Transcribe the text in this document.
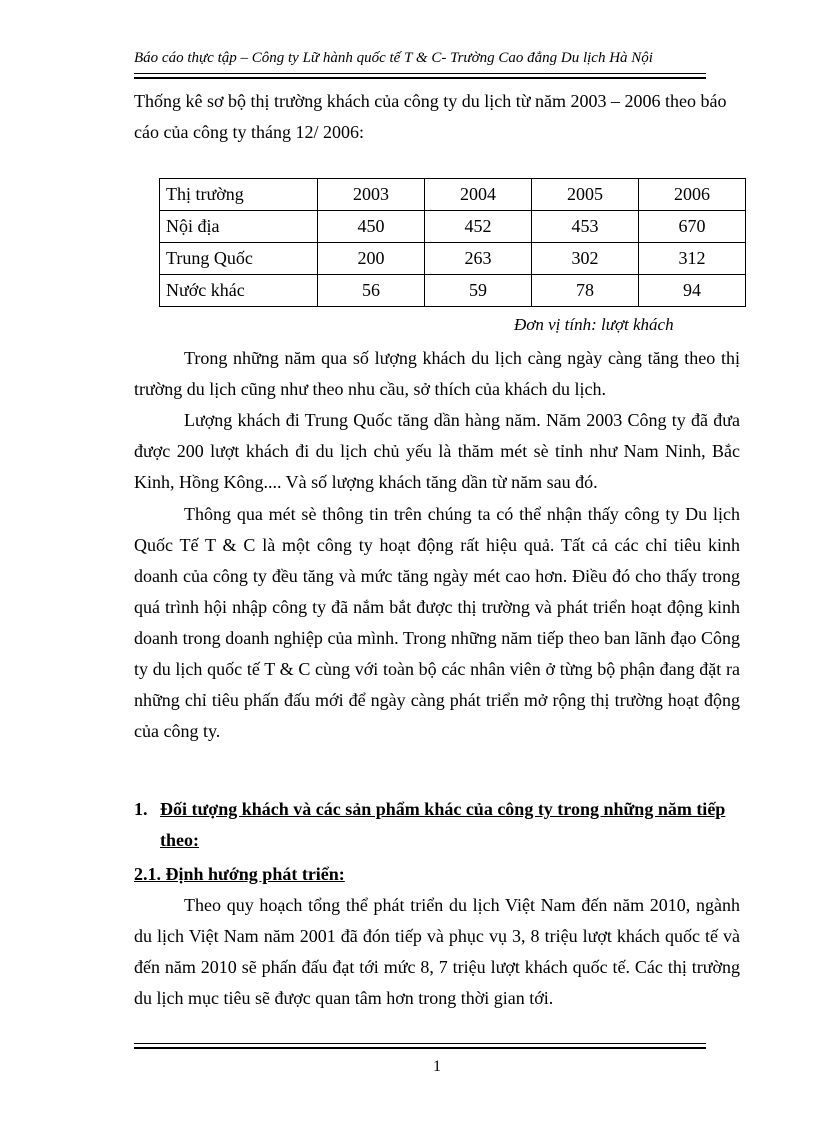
Báo cáo thực tập – Công ty Lữ hành quốc tế T & C- Trường Cao đẳng Du lịch Hà Nội

Thống kê sơ bộ thị trường khách của công ty du lịch từ năm 2003 – 2006 theo báo cáo của công ty tháng 12/ 2006:

Thị trường	2003	2004	2005	2006
Nội địa	450	452	453	670
Trung Quốc	200	263	302	312
Nước khác	56	59	78	94
Đơn vị tính: lượt khách

Trong những năm qua số lượng khách du lịch càng ngày càng tăng theo thị trường du lịch cũng như theo nhu cầu, sở thích của khách du lịch.

Lượng khách đi Trung Quốc tăng dần hàng năm. Năm 2003 Công ty đã đưa được 200 lượt khách đi du lịch chủ yếu là thăm mét sè tỉnh như Nam Ninh, Bắc Kinh, Hồng Kông.... Và số lượng khách tăng dần từ năm sau đó.

Thông qua mét sè thông tin trên chúng ta có thể nhận thấy công ty Du lịch Quốc Tế T & C là một công ty hoạt động rất hiệu quả. Tất cả các chỉ tiêu kinh doanh của công ty đều tăng và mức tăng ngày mét cao hơn. Điều đó cho thấy trong quá trình hội nhập công ty đã nắm bắt được thị trường và phát triển hoạt động kinh doanh trong doanh nghiệp của mình. Trong những năm tiếp theo ban lãnh đạo Công ty du lịch quốc tế T & C cùng với toàn bộ các nhân viên ở từng bộ phận đang đặt ra những chỉ tiêu phấn đấu mới để ngày càng phát triển mở rộng thị trường hoạt động của công ty.

1. Đối tượng khách và các sản phẩm khác của công ty trong những năm tiếp theo:
2.1. Định hướng phát triển:

Theo quy hoạch tổng thể phát triển du lịch Việt Nam đến năm 2010, ngành du lịch Việt Nam năm 2001 đã đón tiếp và phục vụ 3, 8 triệu lượt khách quốc tế và đến năm 2010 sẽ phấn đấu đạt tới mức 8, 7 triệu lượt khách quốc tế. Các thị trường du lịch mục tiêu sẽ được quan tâm hơn trong thời gian tới.

1
